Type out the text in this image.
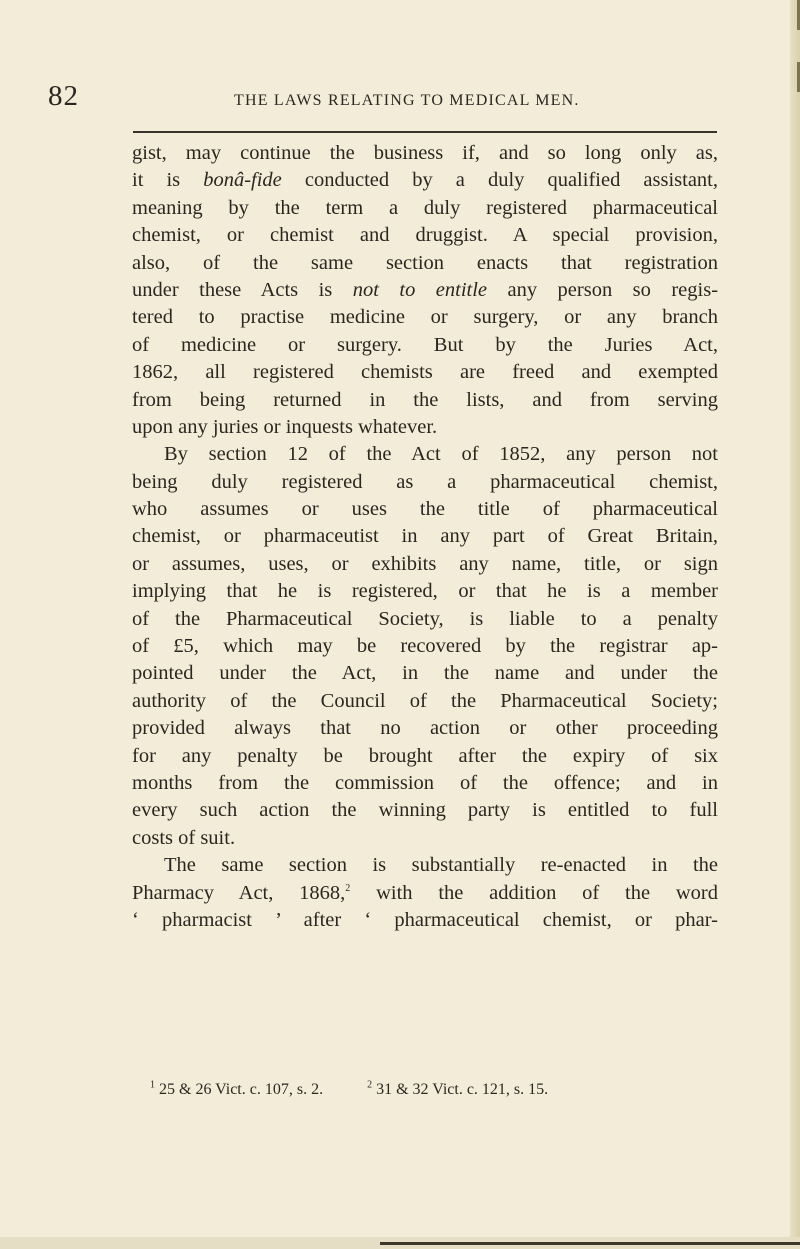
82	THE LAWS RELATING TO MEDICAL MEN.
gist, may continue the business if, and so long only as,
it is bonâ-fide conducted by a duly qualified assistant,
meaning by the term a duly registered pharmaceutical
chemist, or chemist and druggist. A special provision,
also, of the same section enacts that registration
under these Acts is not to entitle any person so regis-
tered to practise medicine or surgery, or any branch
of medicine or surgery. But by the Juries Act,
1862, all registered chemists are freed and exempted
from being returned in the lists, and from serving
upon any juries or inquests whatever.
By section 12 of the Act of 1852, any person not
being duly registered as a pharmaceutical chemist,
who assumes or uses the title of pharmaceutical
chemist, or pharmaceutist in any part of Great Britain,
or assumes, uses, or exhibits any name, title, or sign
implying that he is registered, or that he is a member
of the Pharmaceutical Society, is liable to a penalty
of £5, which may be recovered by the registrar ap-
pointed under the Act, in the name and under the
authority of the Council of the Pharmaceutical Society;
provided always that no action or other proceeding
for any penalty be brought after the expiry of six
months from the commission of the offence; and in
every such action the winning party is entitled to full
costs of suit.
The same section is substantially re-enacted in the
Pharmacy Act, 1868,$^2$ with the addition of the word
‘ pharmacist ’ after ‘ pharmaceutical chemist, or phar-
$^1$ 25 & 26 Vict. c. 107, s. 2.	$^2$ 31 & 32 Vict. c. 121, s. 15.
